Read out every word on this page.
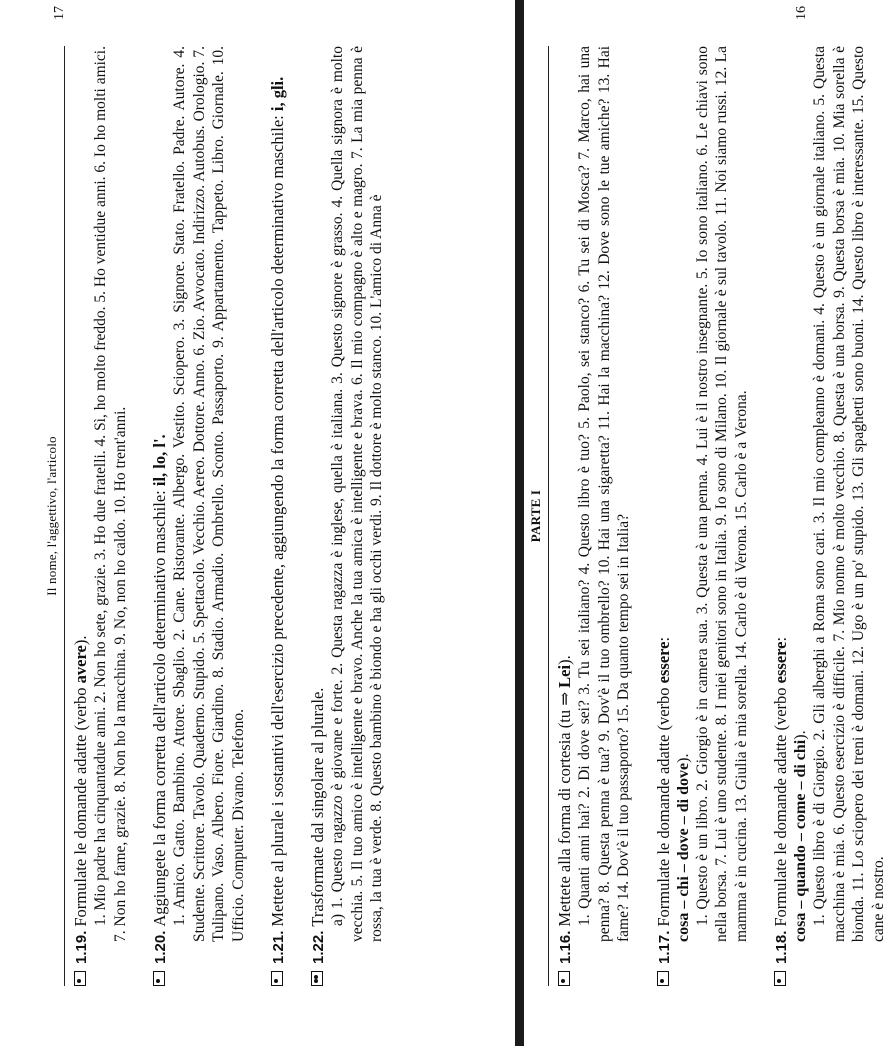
Il nome, l'aggettivo, l'articolo
1.19.Formulate le domande adatte (verbo avere). 1. Mio padre ha cinquantadue anni. 2. Non ho sete, grazie. 3. Ho due fratelli. 4. Sì, ho molto freddo. 5. Ho ventidue anni. 6. Io ho molti amici. 7. Non ho fame, grazie. 8. Non ho la macchina. 9. No, non ho caldo. 10. Ho trent'anni.
1.20.Aggiungete la forma corretta dell'articolo determinativo maschile: il, lo, l'. 1. Amico. Gatto. Bambino. Attore. Sbaglio. 2. Cane. Ristorante. Albergo. Vestito. Sciopero. 3. Signore. Stato. Fratello. Padre. Autore. 4. Studente. Scrittore. Tavolo. Quaderno. Stupido. 5. Spettacolo. Vecchio. Aereo. Dottore. Anno. 6. Zio. Avvocato. Indirizzo. Autobus. Orologio. 7. Tulipano. Vaso. Albero. Fiore. Giardino. 8. Stadio. Armadio. Ombrello. Sconto. Passaporto. 9. Appartamento. Tappeto. Libro. Giornale. 10. Ufficio. Computer. Divano. Telefono.
1.21.Mettete al plurale i sostantivi dell'esercizio precedente, aggiungendo la forma corretta dell'articolo determinativo maschile: i, gli.
1.22.Trasformate dal singolare al plurale. a) 1. Questo ragazzo è giovane e forte. 2. Questa ragazza è inglese, quella è italiana. 3. Questo signore è grasso. 4. Quella signora è molto vecchia. 5. Il tuo amico è intelligente e bravo. Anche la tua amica è intelligente e brava. 6. Il mio compagno è alto e magro. 7. La mia penna è rossa, la tua è verde. 8. Questo bambino è biondo e ha gli occhi verdi. 9. Il dottore è molto stanco. 10. L'amico di Anna è
17
PARTE I
1.16.Mettete alla forma di cortesia (tu ⇒ Lei). 1. Quanti anni hai? 2. Di dove sei? 3. Tu sei italiano? 4. Questo libro è tuo? 5. Paolo, sei stanco? 6. Tu sei di Mosca? 7. Marco, hai una penna? 8. Questa penna è tua? 9. Dov'è il tuo ombrello? 10. Hai una sigaretta? 11. Hai la macchina? 12. Dove sono le tue amiche? 13. Hai fame? 14. Dov'è il tuo passaporto? 15. Da quanto tempo sei in Italia?
1.17.Formulate le domande adatte (verbo essere:
cosa – chi – dove – di dove). 1. Questo è un libro. 2. Giorgio è in camera sua. 3. Questa è una penna. 4. Lui è il nostro insegnante. 5. Io sono italiano. 6. Le chiavi sono nella borsa. 7. Lui è uno studente. 8. I miei genitori sono in Italia. 9. Io sono di Milano. 10. Il giornale è sul tavolo. 11. Noi siamo russi. 12. La mamma è in cucina. 13. Giulia è mia sorella. 14. Carlo è di Verona. 15. Carlo è a Verona.
1.18.Formulate le domande adatte (verbo essere:
cosa – quando – come – di chi). 1. Questo libro è di Giorgio. 2. Gli alberghi a Roma sono cari. 3. Il mio compleanno è domani. 4. Questo è un giornale italiano. 5. Questa macchina è mia. 6. Questo esercizio è difficile. 7. Mio nonno è molto vecchio. 8. Questa è una borsa. 9. Questa borsa è mia. 10. Mia sorella è bionda. 11. Lo sciopero dei treni è domani. 12. Ugo è un po' stupido. 13. Gli spaghetti sono buoni. 14. Questo libro è interessante. 15. Questo cane è nostro.
16
